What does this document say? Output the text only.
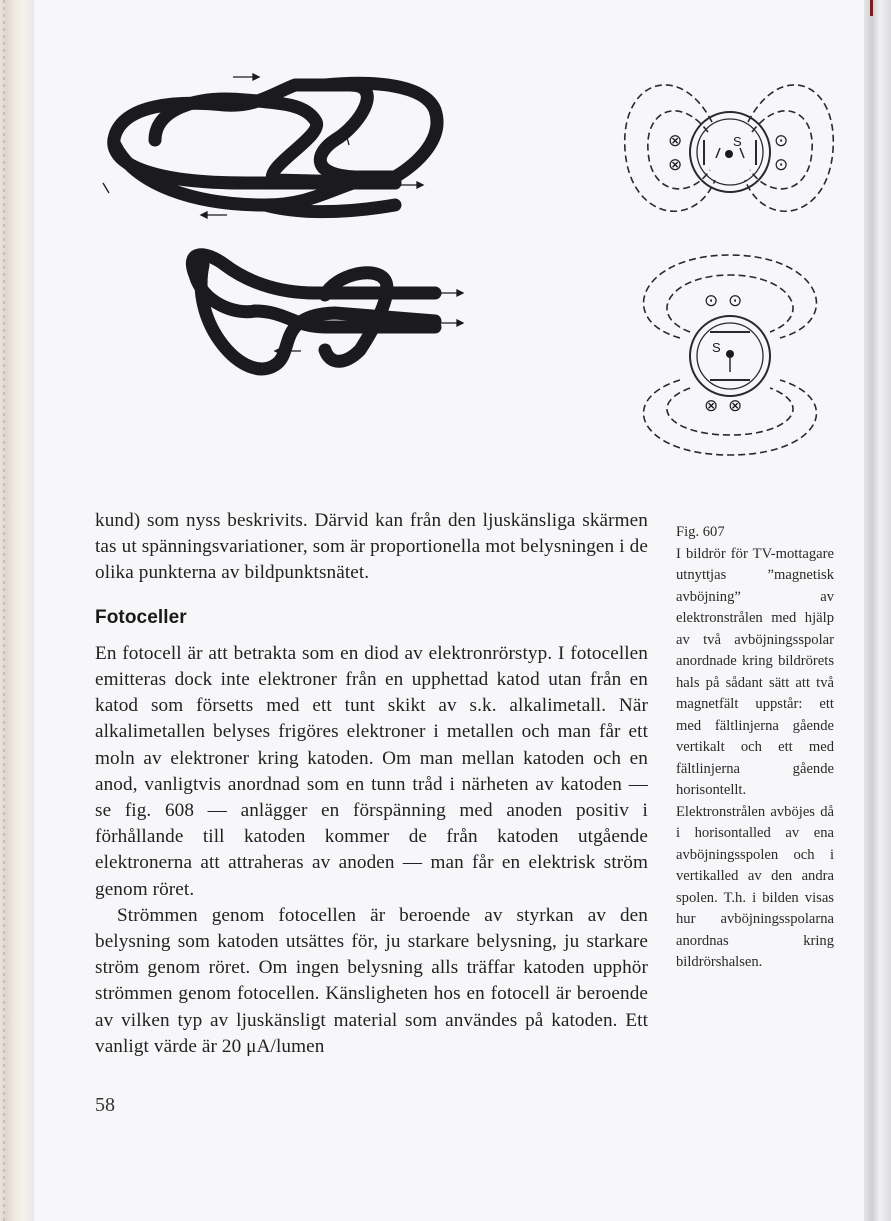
S
⊗
⊗
⊙
⊙
S
⊙ ⊙
⊗ ⊗

kund) som nyss beskrivits. Därvid kan från den ljuskänsliga skärmen tas ut spänningsvariationer, som är proportionella mot belysningen i de olika punkterna av bildpunktsnätet.

Fotoceller

En fotocell är att betrakta som en diod av elektronrörstyp. I fotocellen emitteras dock inte elektroner från en upphettad katod utan från en katod som försetts med ett tunt skikt av s.k. alkalimetall. När alkalimetallen belyses frigöres elektroner i metallen och man får ett moln av elektroner kring katoden. Om man mellan katoden och en anod, vanligtvis anordnad som en tunn tråd i närheten av katoden — se fig. 608 — anlägger en förspänning med anoden positiv i förhållande till katoden kommer de från katoden utgående elektronerna att attraheras av anoden — man får en elektrisk ström genom röret.

Strömmen genom fotocellen är beroende av styrkan av den belysning som katoden utsättes för, ju starkare belysning, ju starkare ström genom röret. Om ingen belysning alls träffar katoden upphör strömmen genom fotocellen. Känsligheten hos en fotocell är beroende av vilken typ av ljuskänsligt material som användes på katoden. Ett vanligt värde är 20 μA/lumen

Fig. 607
I bildrör för TV-mottagare utnyttjas ”magnetisk avböjning” av elektronstrålen med hjälp av två avböjningsspolar anordnade kring bildrörets hals på sådant sätt att två magnetfält uppstår: ett med fältlinjerna gående vertikalt och ett med fältlinjerna gående horisontellt. Elektronstrålen avböjes då i horisontalled av ena avböjningsspolen och i vertikalled av den andra spolen. T.h. i bilden visas hur avböjningsspolarna anordnas kring bildrörshalsen.
58
